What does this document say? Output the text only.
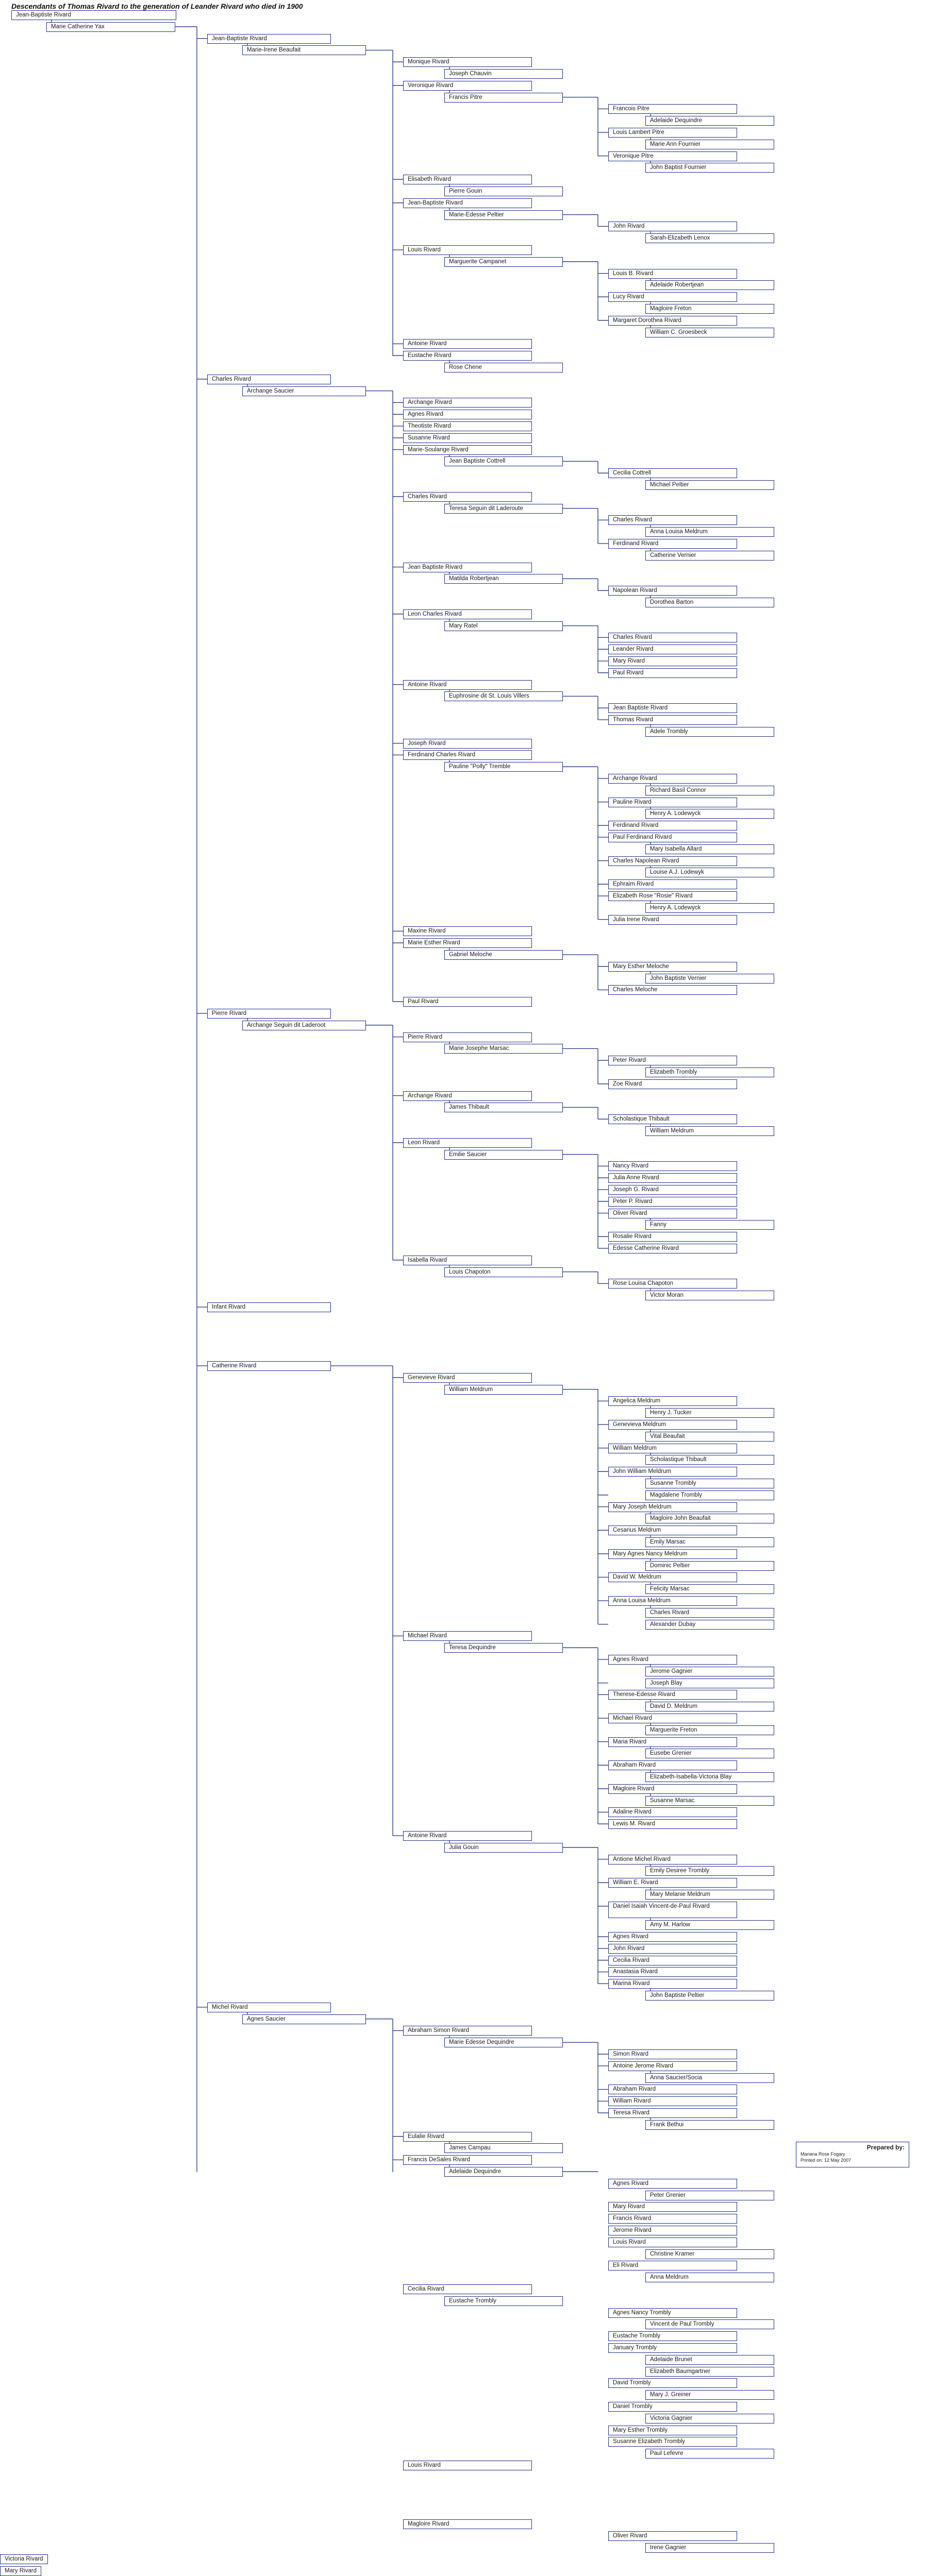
Descendants of Thomas Rivard to the generation of Leander Rivard who died in 1900
Jean-Baptiste Rivard
Marie Catherine Yax
Jean-Baptiste Rivard
Marie-Irene Beaufait
Monique Rivard
Joseph Chauvin
Veronique Rivard
Francis Pitre
Francois Pitre
Adelaide Dequindre
Louis Lambert Pitre
Marie Ann Fournier
Veronique Pitre
John Baptist Fournier
Elisabeth Rivard
Pierre Gouin
Jean-Baptiste Rivard
Marie-Edesse Peltier
John Rivard
Sarah-Elizabeth Lenox
Louis Rivard
Marguerite Campanet
Louis B. Rivard
Adelaide Robertjean
Lucy Rivard
Magloire Freton
Margaret Dorothea Rivard
William C. Groesbeck
Antoine Rivard
Eustache Rivard
Rose Chene
Charles Rivard
Archange Saucier
Archange Rivard
Agnes Rivard
Theotiste Rivard
Susanne Rivard
Marie-Soulange Rivard
Jean Baptiste Cottrell
Cecilia Cottrell
Michael Peltier
Charles Rivard
Teresa Seguin dit Laderoute
Charles Rivard
Anna Louisa Meldrum
Ferdinand Rivard
Catherine Vernier
Jean Baptiste Rivard
Matilda Robertjean
Napolean Rivard
Dorothea Barton
Leon Charles Rivard
Mary Ratel
Charles Rivard
Leander Rivard
Mary Rivard
Paul Rivard
Antoine Rivard
Euphrosine dit St. Louis Villers
Jean Baptiste Rivard
Thomas Rivard
Adele Trombly
Joseph Rivard
Ferdinand Charles Rivard
Pauline "Polly" Tremble
Archange Rivard
Richard Basil Connor
Pauline Rivard
Henry A. Lodewyck
Ferdinand Rivard
Paul Ferdinand Rivard
Mary Isabella Allard
Charles Napolean Rivard
Louise A.J. Lodewyk
Ephraim Rivard
Elizabeth Rose "Rosie" Rivard
Henry A. Lodewyck
Julia Irene Rivard
Maxine Rivard
Marie Esther Rivard
Gabriel Meloche
Mary Esther Meloche
John Baptiste Vernier
Charles Meloche
Paul Rivard
Pierre Rivard
Archange Seguin dit Laderoot
Pierre Rivard
Marie Josephe Marsac
Peter Rivard
Elizabeth Trombly
Zoe Rivard
Archange Rivard
James Thibault
Scholastique Thibault
William Meldrum
Leon Rivard
Emilie Saucier
Nancy Rivard
Julia Anne Rivard
Joseph G. Rivard
Peter P. Rivard
Oliver Rivard
Fanny
Rosalie Rivard
Edesse Catherine Rivard
Isabella Rivard
Louis Chapoton
Rose Louisa Chapoton
Victor Moran
Infant Rivard
Catherine Rivard
Genevieve Rivard
William Meldrum
Angelica Meldrum
Henry J. Tucker
Genevieva Meldrum
Vital Beaufait
William Meldrum
Scholastique Thibault
John William Meldrum
Susanne Trombly
Magdalene Trombly
Mary Joseph Meldrum
Magloire John Beaufait
Cesarius Meldrum
Emily Marsac
Mary Agnes Nancy Meldrum
Dominic Peltier
David W. Meldrum
Felicity Marsac
Anna Louisa Meldrum
Charles Rivard
Alexander Dubay
Michael Rivard
Teresa Dequindre
Agnes Rivard
Jerome Gagnier
Joseph Blay
Therese-Edesse Rivard
David D. Meldrum
Michael Rivard
Marguerite Freton
Maria Rivard
Eusebe Grenier
Abraham Rivard
Elizabeth-Isabella-Victoria Blay
Magloire Rivard
Susanne Marsac
Adaline Rivard
Lewis M. Rivard
Antoine Rivard
Julia Gouin
Antione Michel Rivard
Emily Desiree Trombly
William E. Rivard
Mary Melanie Meldrum
Daniel Isaiah Vincent-de-Paul Rivard
Amy M. Harlow
Agnes Rivard
John Rivard
Cecilia Rivard
Anastasia Rivard
Marina Rivard
John Baptiste Peltier
Michel Rivard
Agnes Saucier
Abraham Simon Rivard
Marie Edesse Dequindre
Simon Rivard
Antoine Jerome Rivard
Anna Saucier/Socia
Abraham Rivard
William Rivard
Teresa Rivard
Frank Bethui
Eulalie Rivard
James Campau
Francis DeSales Rivard
Adelaide Dequindre
Agnes Rivard
Peter Grenier
Mary Rivard
Francis Rivard
Jerome Rivard
Louis Rivard
Christine Kramer
Eli Rivard
Anna Meldrum
Cecilia Rivard
Eustache Trombly
Agnes Nancy Trombly
Vincent de Paul Trombly
Eustache Trombly
January Trombly
Adelaide Brunet
Elizabeth Baumgartner
David Trombly
Mary J. Greiner
Daniel Trombly
Victoria Gagnier
Mary Esther Trombly
Susanne Elizabeth Trombly
Paul Lefevre
Louis Rivard
Magloire Rivard
Oliver Rivard
Irene Gagnier
Victoria Rivard
Mary Rivard
Prepared by:
Mariana Rose Fogary
Printed on: 12 May 2007
